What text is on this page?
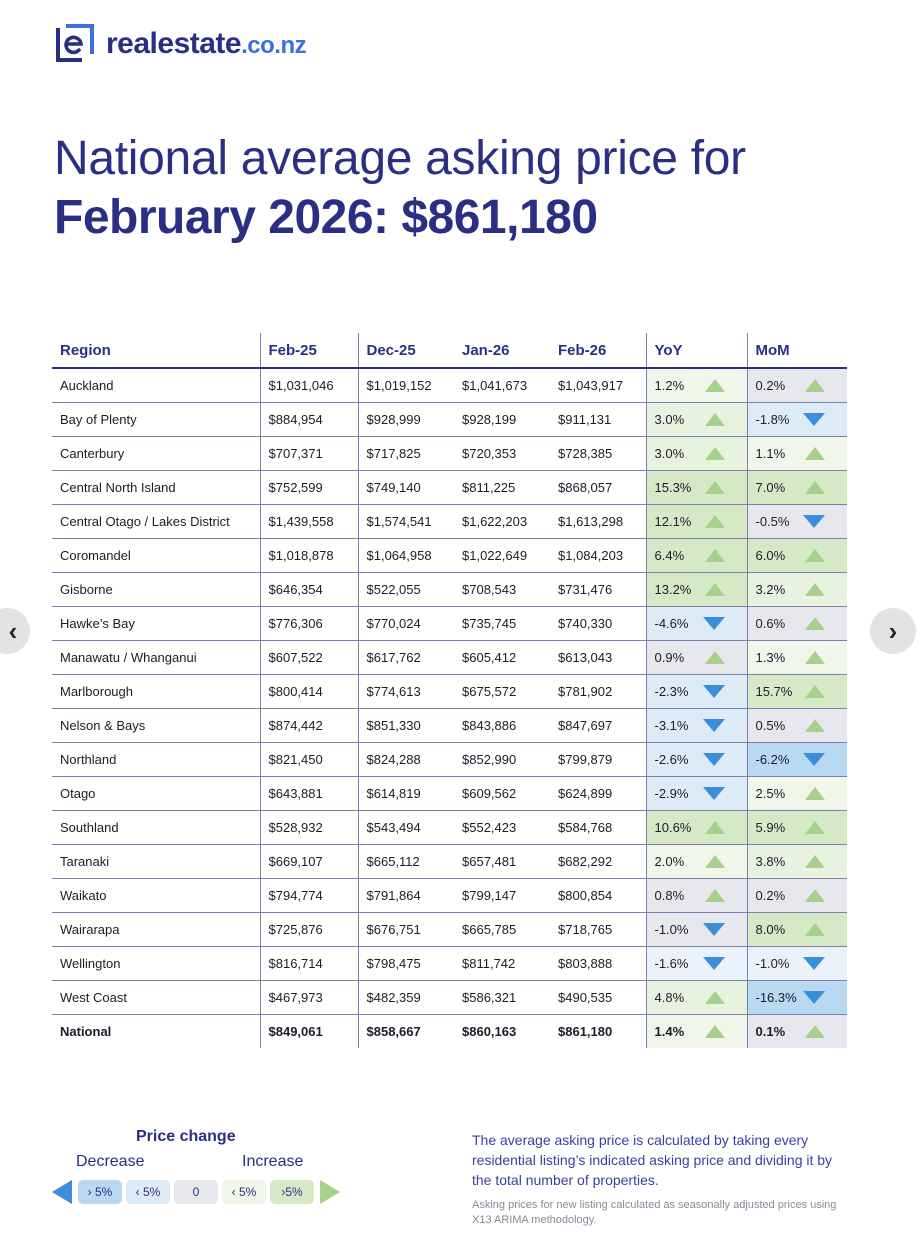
realestate.co.nz
‹	›
National average asking price for
February 2026: $861,180
Region	Feb-25	Dec-25	Jan-26	Feb-26	YoY	MoM
Auckland	$1,031,046	$1,019,152	$1,041,673	$1,043,917	1.2%	0.2%

Bay of Plenty	$884,954	$928,999	$928,199	$911,131	3.0%	-1.8%

Canterbury	$707,371	$717,825	$720,353	$728,385	3.0%	1.1%

Central North Island	$752,599	$749,140	$811,225	$868,057	15.3%	7.0%

Central Otago / Lakes District	$1,439,558	$1,574,541	$1,622,203	$1,613,298	12.1%	-0.5%

Coromandel	$1,018,878	$1,064,958	$1,022,649	$1,084,203	6.4%	6.0%

Gisborne	$646,354	$522,055	$708,543	$731,476	13.2%	3.2%

Hawke’s Bay	$776,306	$770,024	$735,745	$740,330	-4.6%	0.6%

Manawatu / Whanganui	$607,522	$617,762	$605,412	$613,043	0.9%	1.3%

Marlborough	$800,414	$774,613	$675,572	$781,902	-2.3%	15.7%

Nelson & Bays	$874,442	$851,330	$843,886	$847,697	-3.1%	0.5%

Northland	$821,450	$824,288	$852,990	$799,879	-2.6%	-6.2%

Otago	$643,881	$614,819	$609,562	$624,899	-2.9%	2.5%

Southland	$528,932	$543,494	$552,423	$584,768	10.6%	5.9%

Taranaki	$669,107	$665,112	$657,481	$682,292	2.0%	3.8%

Waikato	$794,774	$791,864	$799,147	$800,854	0.8%	0.2%

Wairarapa	$725,876	$676,751	$665,785	$718,765	-1.0%	8.0%

Wellington	$816,714	$798,475	$811,742	$803,888	-1.6%	-1.0%

West Coast	$467,973	$482,359	$586,321	$490,535	4.8%	-16.3%

National	$849,061	$858,667	$860,163	$861,180	1.4%	0.1%
Price change
Decrease	Increase
› 5%	‹ 5%	0	‹ 5%	›5%
The average asking price is calculated by taking every residential listing’s indicated asking price and dividing it by the total number of properties.
Asking prices for new listing calculated as seasonally adjusted prices using X13 ARIMA methodology.
